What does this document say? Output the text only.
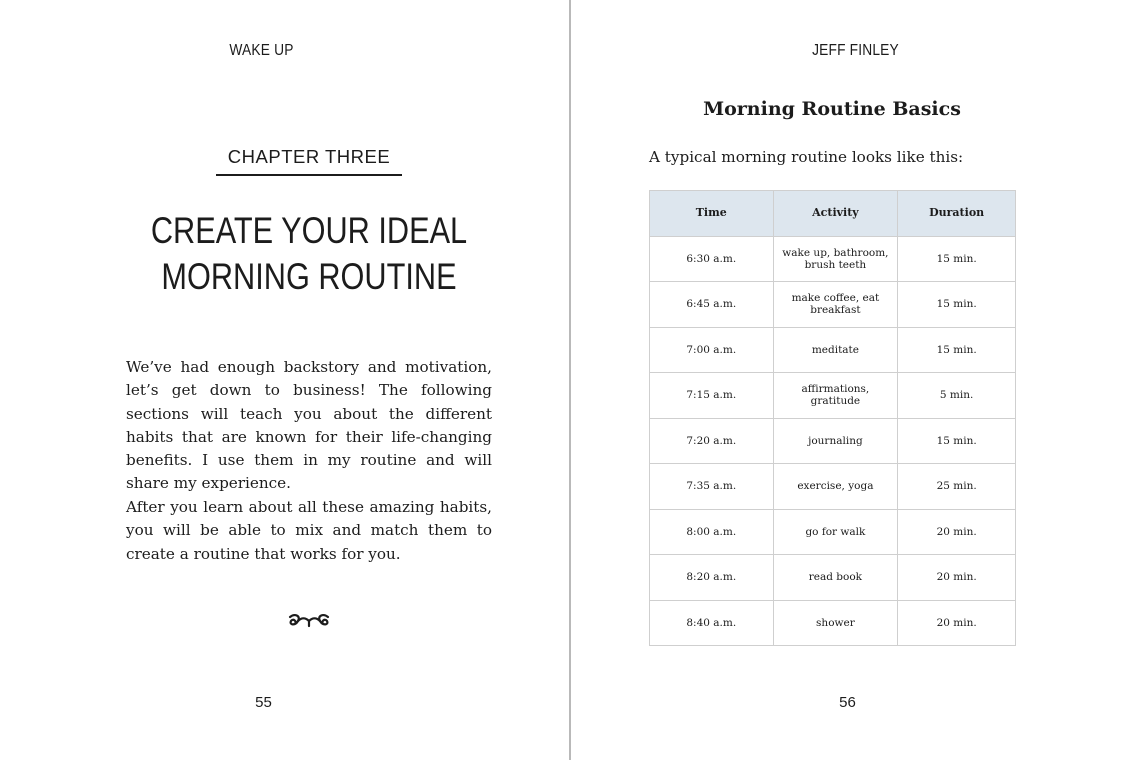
WAKE UP
CHAPTER THREE
CREATE YOUR IDEAL
MORNING ROUTINE

We’ve had enough backstory and motivation, let’s get down to business! The following sections will teach you about the different habits that are known for their life-changing benefits. I use them in my routine and will share my experience.

After you learn about all these amazing habits, you will be able to mix and match them to create a routine that works for you.

55
JEFF FINLEY
Morning Routine Basics
A typical morning routine looks like this:
Time	Activity	Duration
6:30 a.m.	wake up, bathroom, brush teeth	15 min.
6:45 a.m.	make coffee, eat breakfast	15 min.
7:00 a.m.	meditate	15 min.
7:15 a.m.	affirmations, gratitude	5 min.
7:20 a.m.	journaling	15 min.
7:35 a.m.	exercise, yoga	25 min.
8:00 a.m.	go for walk	20 min.
8:20 a.m.	read book	20 min.
8:40 a.m.	shower	20 min.
56
